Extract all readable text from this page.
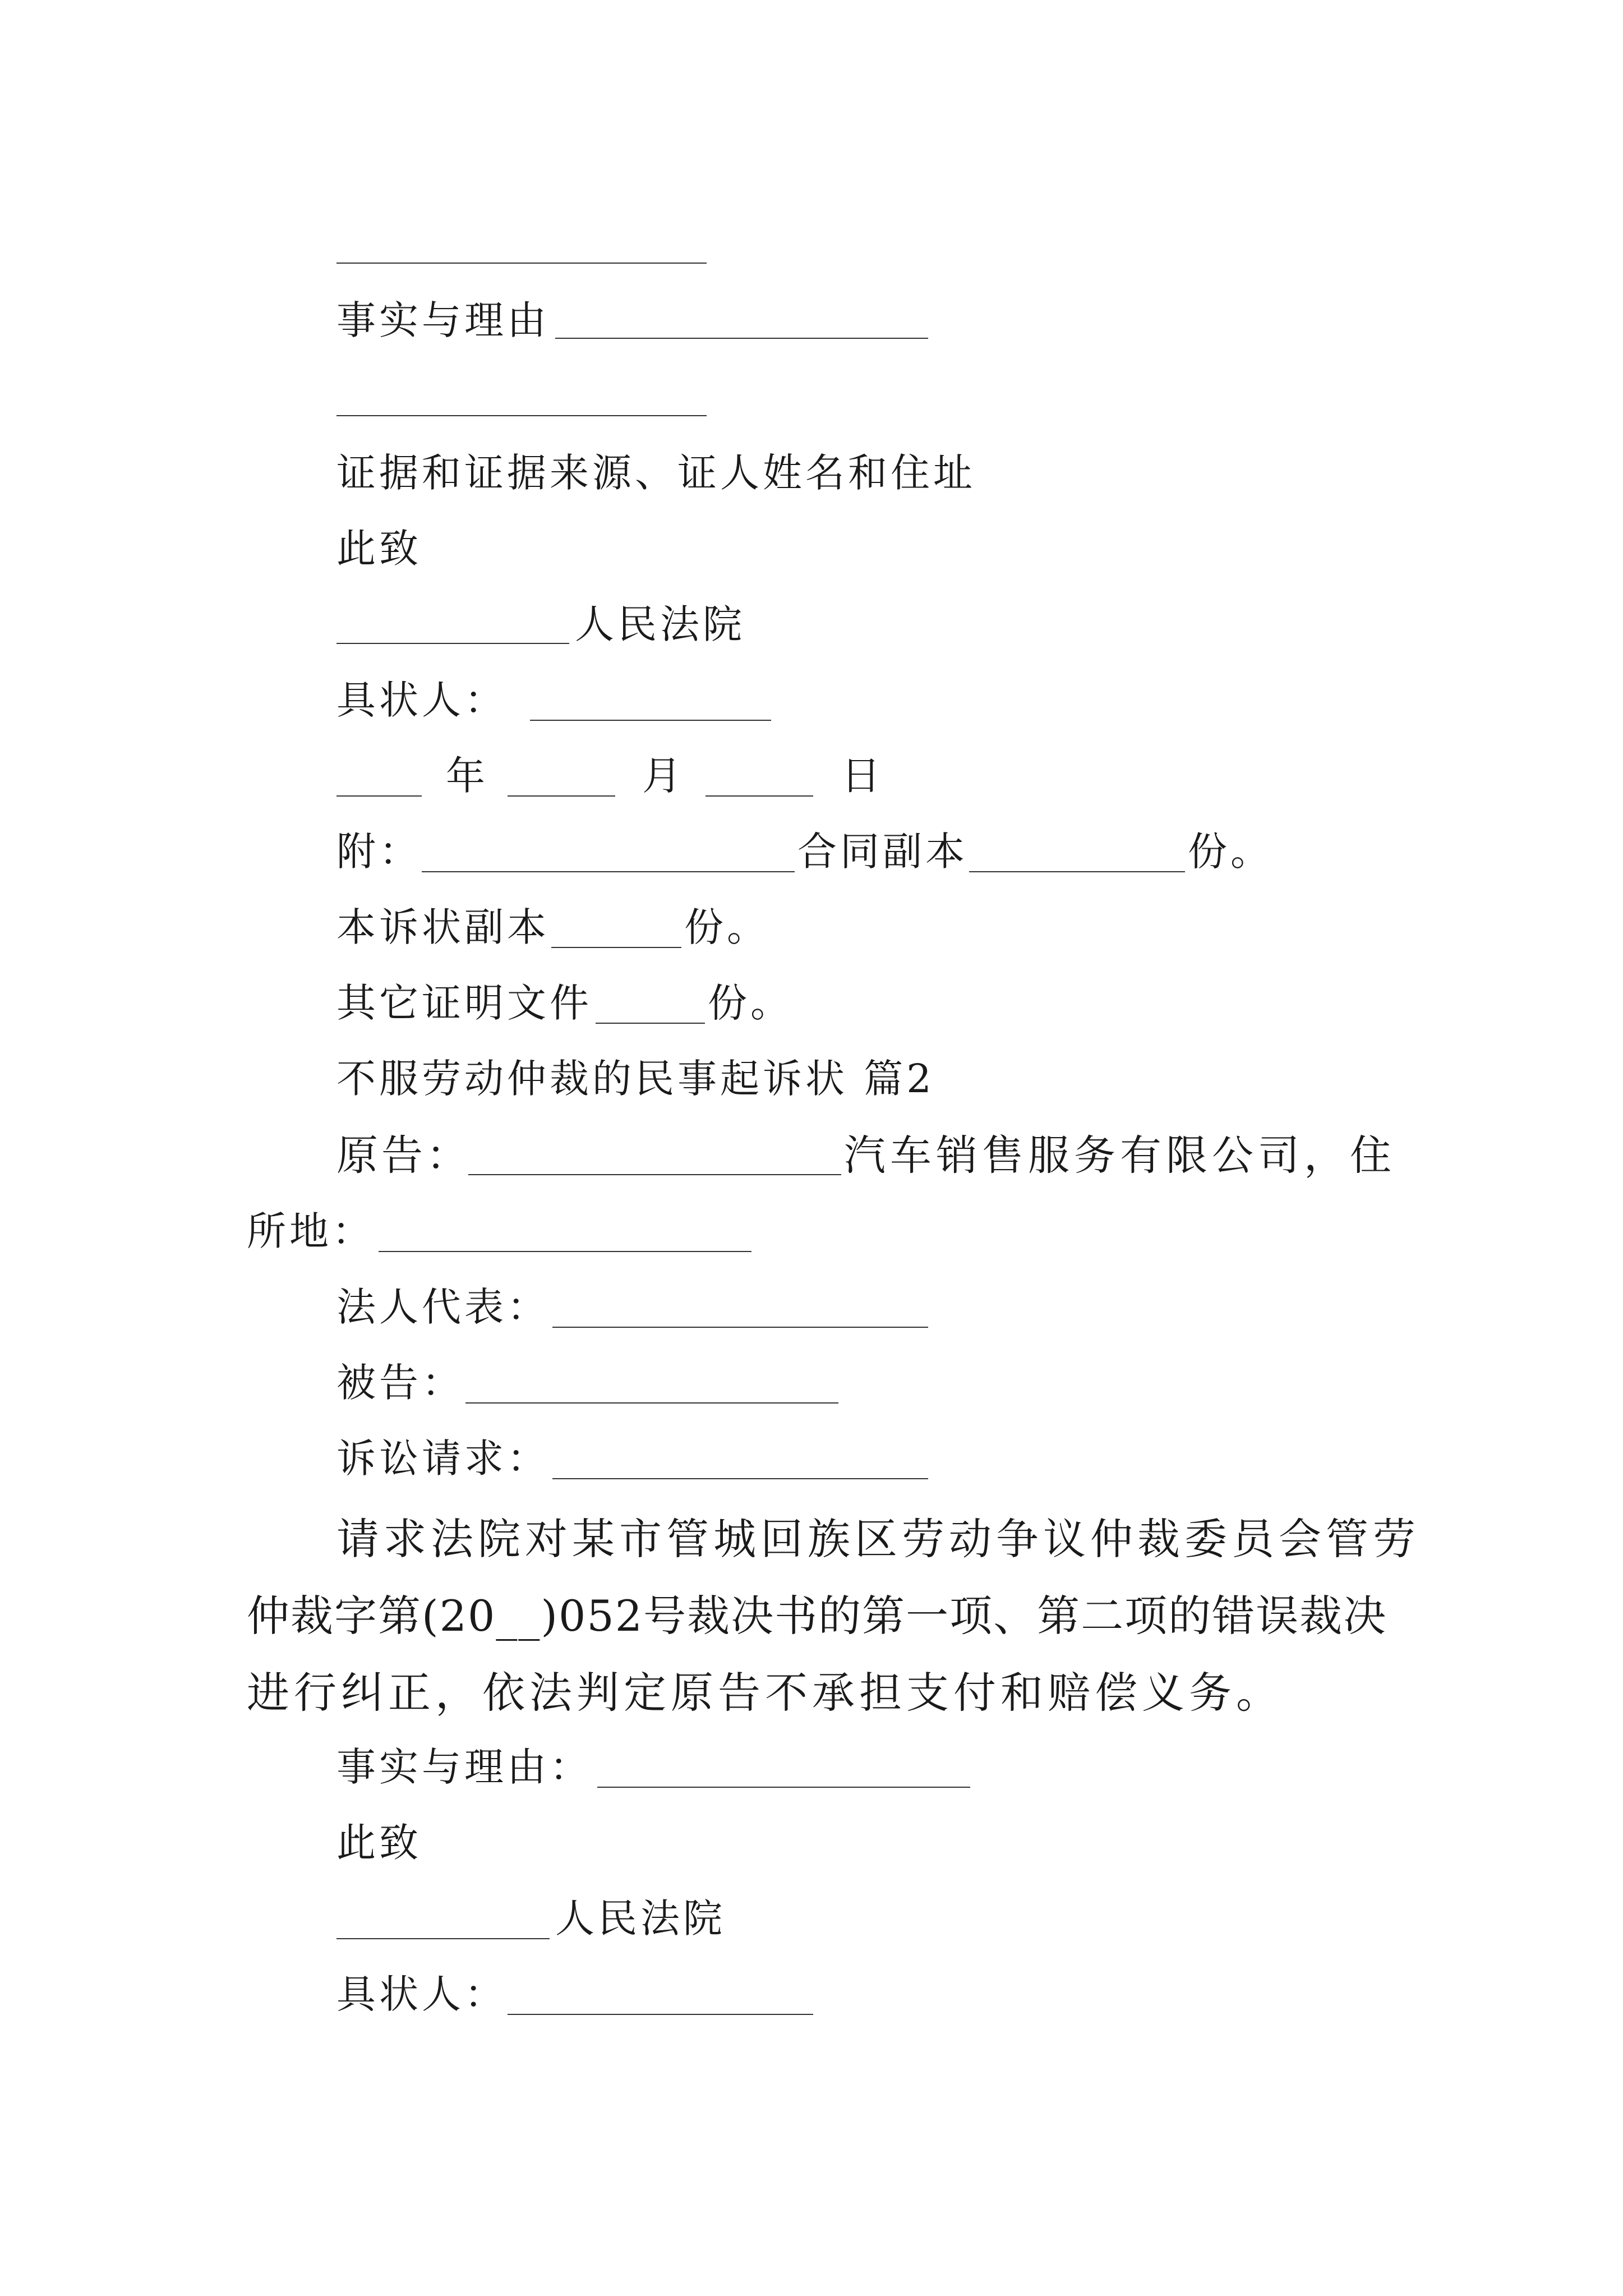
事实与理由
证据和证据来源、证人姓名和住址
此致
人民法院
具状人：
年	月	日
附：	合同副本	份。
本诉状副本	份。
其它证明文件	份。
不服劳动仲裁的民事起诉状 篇2
原告：	汽车销售服务有限公司，住
所地：
法人代表：
被告：
诉讼请求：
请求法院对某市管城回族区劳动争议仲裁委员会管劳
仲裁字第(20__)052号裁决书的第一项、第二项的错误裁决
进行纠正，依法判定原告不承担支付和赔偿义务。
事实与理由：
此致
人民法院
具状人：
